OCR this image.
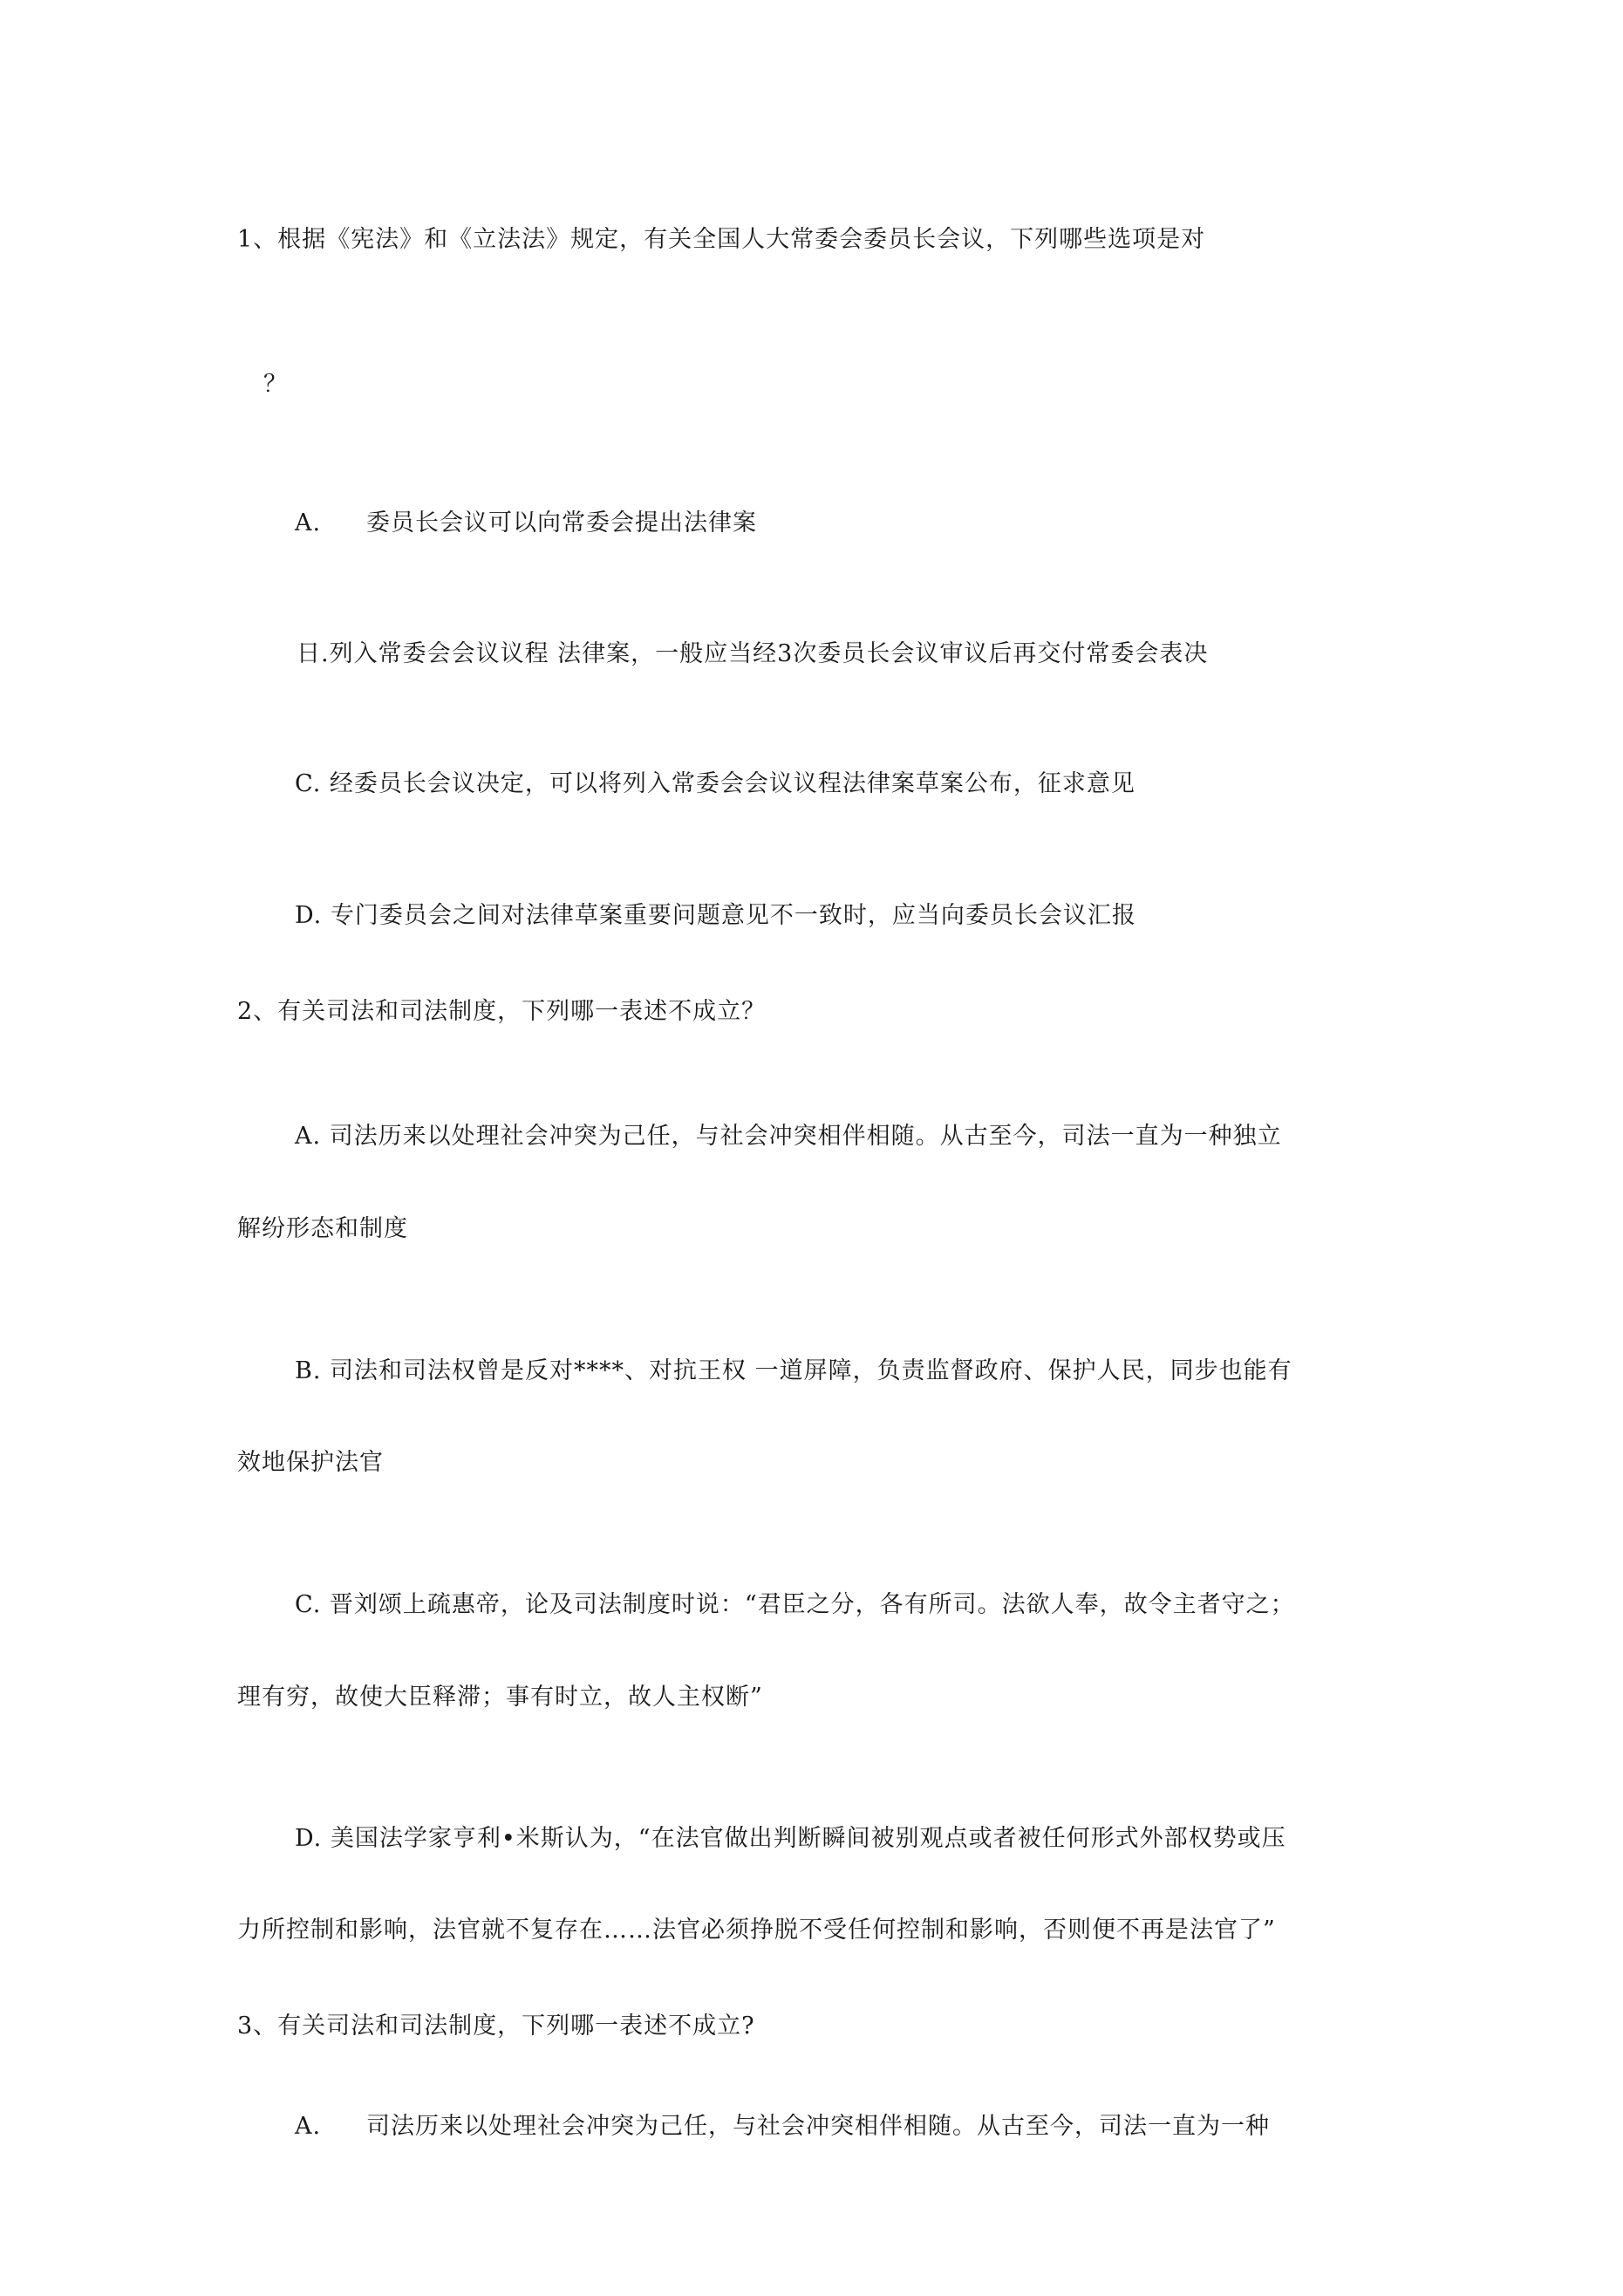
1、根据《宪法》和《立法法》规定，有关全国人大常委会委员长会议，下列哪些选项是对
？
A. 委员长会议可以向常委会提出法律案
日.列入常委会会议议程 法律案，一般应当经3次委员长会议审议后再交付常委会表决
C. 经委员长会议决定，可以将列入常委会会议议程法律案草案公布，征求意见
D. 专门委员会之间对法律草案重要问题意见不一致时，应当向委员长会议汇报
2、有关司法和司法制度，下列哪一表述不成立？
A. 司法历来以处理社会冲突为己任，与社会冲突相伴相随。从古至今，司法一直为一种独立
解纷形态和制度
B. 司法和司法权曾是反对****、对抗王权 一道屏障，负责监督政府、保护人民，同步也能有
效地保护法官
C. 晋刘颂上疏惠帝，论及司法制度时说：“君臣之分，各有所司。法欲人奉，故令主者守之；
理有穷，故使大臣释滞；事有时立，故人主权断”
D. 美国法学家亨利•米斯认为，“在法官做出判断瞬间被别观点或者被任何形式外部权势或压
力所控制和影响，法官就不复存在……法官必须挣脱不受任何控制和影响，否则便不再是法官了”
3、有关司法和司法制度，下列哪一表述不成立?
A. 司法历来以处理社会冲突为己任，与社会冲突相伴相随。从古至今，司法一直为一种
